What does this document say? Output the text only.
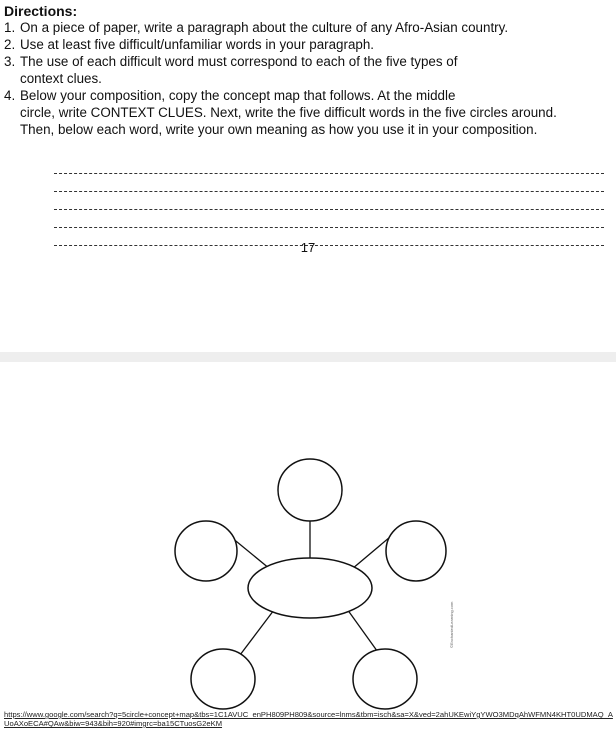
Directions:

1. On a piece of paper, write a paragraph about the culture of any Afro-Asian country.
2. Use at least five difficult/unfamiliar words in your paragraph.
3. The use of each difficult word must correspond to each of the five types of
context clues.
4. Below your composition, copy the concept map that follows. At the middle
circle, write CONTEXT CLUES. Next, write the five difficult words in the five circles around.
Then, below each word, write your own meaning as how you use it in your composition.
17
©EnchantedLearning.com
https://www.google.com/search?q=5circle+concept+map&tbs=1C1AVUC_enPH809PH809&source=lnms&tbm=isch&sa=X&ved=2ahUKEwiYgYWO3MDqAhWFMN4KHT0UDMAQ_AUoAXoECA#QAw&biw=943&bih=920#imgrc=ba15CTuosG2eKM
